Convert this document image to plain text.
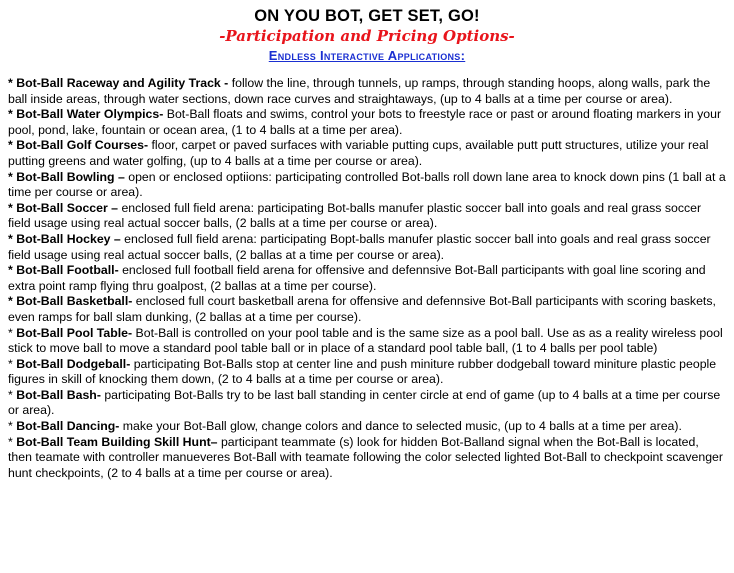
ON YOU BOT, GET SET, GO!
-Participation and Pricing Options-
Endless Interactive Applications:

* Bot-Ball Raceway and Agility Track - follow the line, through tunnels, up ramps, through standing hoops, along walls, park the ball inside areas, through water sections, down race curves and straightaways, (up to 4 balls at a time per course or area).

* Bot-Ball Water Olympics- Bot-Ball floats and swims, control your bots to freestyle race or past or around floating markers in your pool, pond, lake, fountain or ocean area, (1 to 4 balls at a time per area).

* Bot-Ball Golf Courses- floor, carpet or paved surfaces with variable putting cups, available putt putt structures, utilize your real putting greens and water golfing, (up to 4 balls at a time per course or area).

* Bot-Ball Bowling – open or enclosed optiions: participating controlled Bot-balls roll down lane area to knock down pins (1 ball at a time per course or area).

* Bot-Ball Soccer – enclosed full field arena: participating Bot-balls manufer plastic soccer ball into goals and real grass soccer field usage using real actual soccer balls, (2 balls at a time per course or area).

* Bot-Ball Hockey – enclosed full field arena: participating Bopt-balls manufer plastic soccer ball into goals and real grass soccer field usage using real actual soccer balls, (2 ballas at a time per course or area).

* Bot-Ball Football- enclosed full football field arena for offensive and defennsive Bot-Ball participants with goal line scoring and extra point ramp flying thru goalpost, (2 ballas at a time per course).

* Bot-Ball Basketball- enclosed full court basketball arena for offensive and defennsive Bot-Ball participants with scoring baskets, even ramps for ball slam dunking, (2 ballas at a time per course).

* Bot-Ball Pool Table- Bot-Ball is controlled on your pool table and is the same size as a pool ball. Use as as a reality wireless pool stick to move ball to move a standard pool table ball or in place of a standard pool table ball, (1 to 4 balls per pool table)

* Bot-Ball Dodgeball- participating Bot-Balls stop at center line and push miniture rubber dodgeball toward miniture plastic people figures in skill of knocking them down, (2 to 4 balls at a time per course or area).

* Bot-Ball Bash- participating Bot-Balls try to be last ball standing in center circle at end of game (up to 4 balls at a time per course or area).

* Bot-Ball Dancing- make your Bot-Ball glow, change colors and dance to selected music, (up to 4 balls at a time per area).

* Bot-Ball Team Building Skill Hunt– participant teammate (s) look for hidden Bot-Balland signal when the Bot-Ball is located, then teamate with controller manueveres Bot-Ball with teamate following the color selected lighted Bot-Ball to checkpoint scavenger hunt checkpoints, (2 to 4 balls at a time per course or area).
